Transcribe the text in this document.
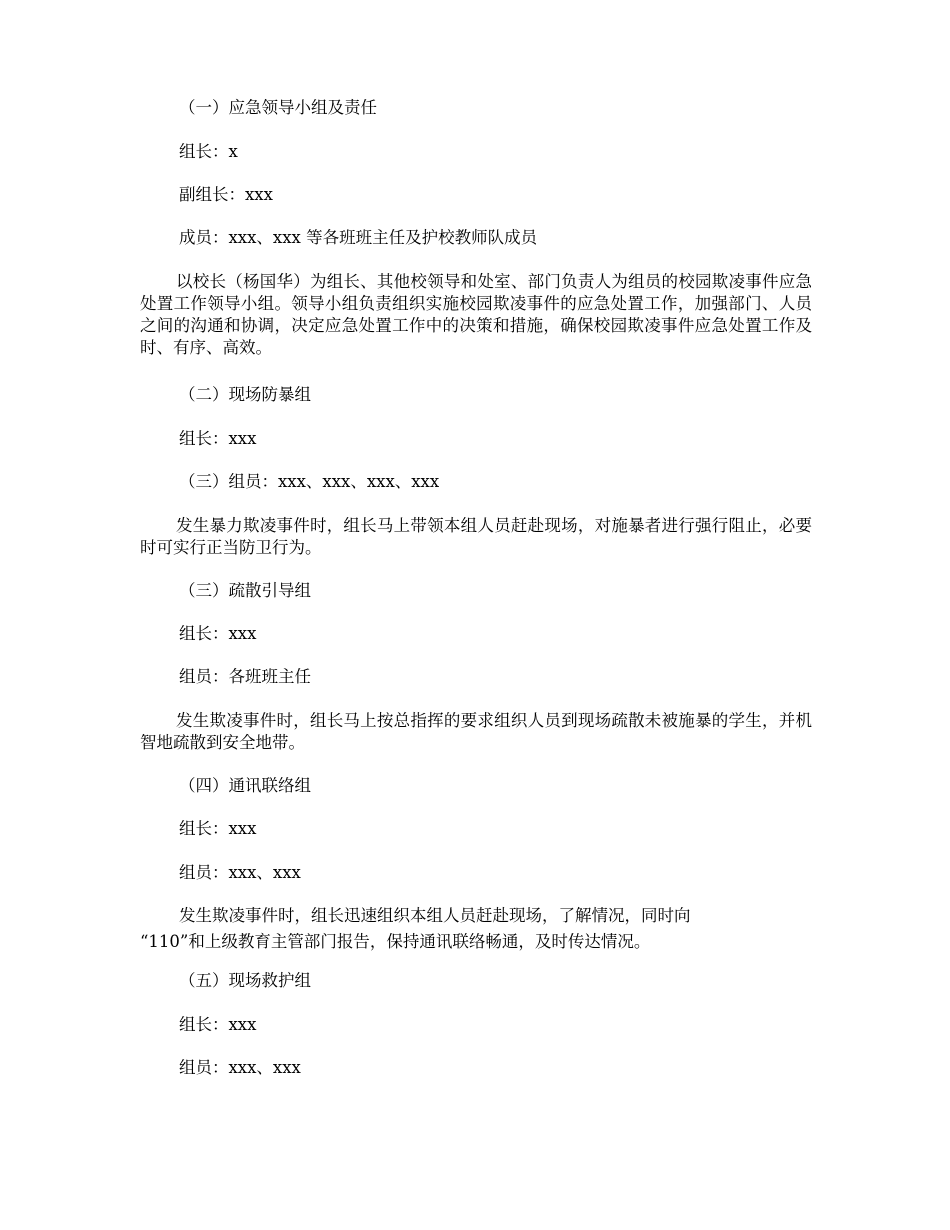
（一）应急领导小组及责任
组长：x
副组长：xxx
成员：xxx、xxx 等各班班主任及护校教师队成员
以校长（杨国华）为组长、其他校领导和处室、部门负责人为组员的校园欺凌事件应急处置工作领导小组。领导小组负责组织实施校园欺凌事件的应急处置工作，加强部门、人员之间的沟通和协调，决定应急处置工作中的决策和措施，确保校园欺凌事件应急处置工作及时、有序、高效。
（二）现场防暴组
组长：xxx
（三）组员：xxx、xxx、xxx、xxx
发生暴力欺凌事件时，组长马上带领本组人员赶赴现场，对施暴者进行强行阻止，必要时可实行正当防卫行为。
（三）疏散引导组
组长：xxx
组员：各班班主任
发生欺凌事件时，组长马上按总指挥的要求组织人员到现场疏散未被施暴的学生，并机智地疏散到安全地带。
（四）通讯联络组
组长：xxx
组员：xxx、xxx
发生欺凌事件时，组长迅速组织本组人员赶赴现场，了解情况，同时向
“110”和上级教育主管部门报告，保持通讯联络畅通，及时传达情况。
（五）现场救护组
组长：xxx
组员：xxx、xxx
